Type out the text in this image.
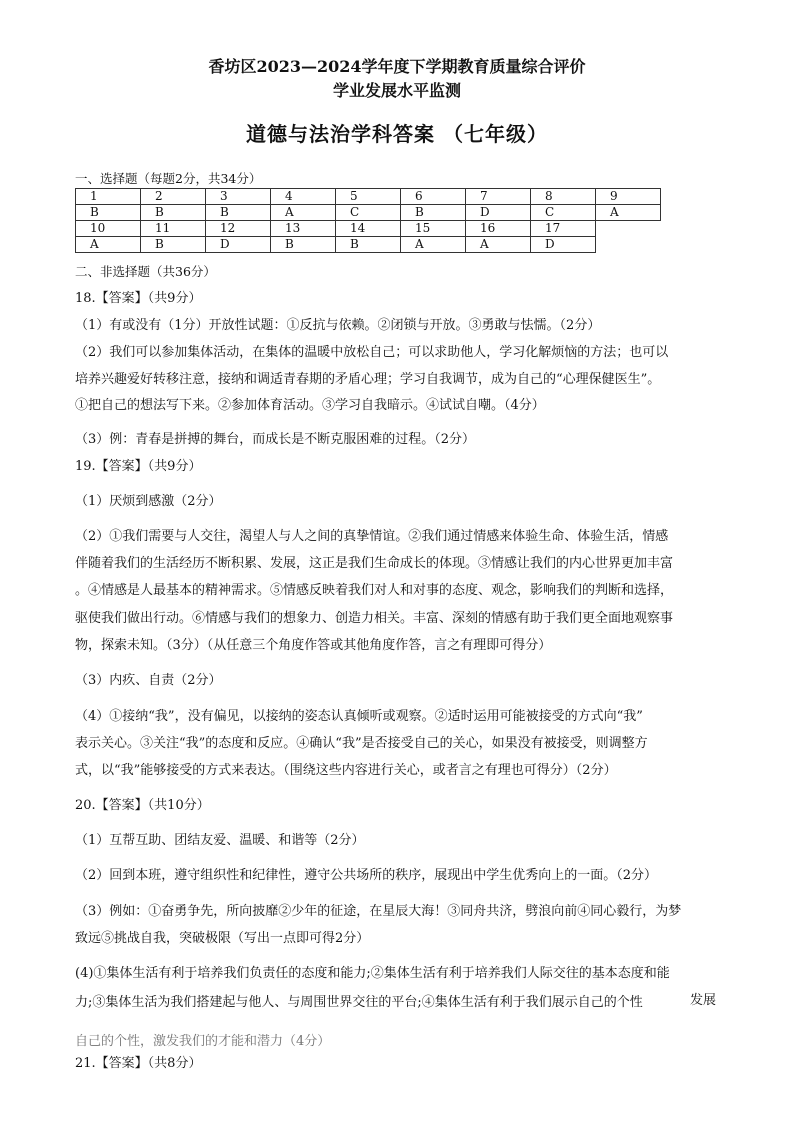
香坊区2023—2024学年度下学期教育质量综合评价
学业发展水平监测
道德与法治学科答案 （七年级）
一、选择题（每题2分，共34分）
1	2	3	4	5	6	7	8	9
B	B	B	A	C	B	D	C	A
10	11	12	13	14	15	16	17	
A	B	D	B	B	A	A	D	
二、非选择题（共36分）
18.【答案】（共9分）
（1）有或没有（1分）开放性试题：①反抗与依赖。②闭锁与开放。③勇敢与怯懦。（2分）
（2）我们可以参加集体活动，在集体的温暖中放松自己；可以求助他人，学习化解烦恼的方法；也可以
培养兴趣爱好转移注意，接纳和调适青春期的矛盾心理；学习自我调节，成为自己的“心理保健医生”。
①把自己的想法写下来。②参加体育活动。③学习自我暗示。④试试自嘲。（4分）
（3）例：青春是拼搏的舞台，而成长是不断克服困难的过程。（2分）
19.【答案】（共9分）
（1）厌烦到感激（2分）
（2）①我们需要与人交往，渴望人与人之间的真挚情谊。②我们通过情感来体验生命、体验生活，情感
伴随着我们的生活经历不断积累、发展，这正是我们生命成长的体现。③情感让我们的内心世界更加丰富
。④情感是人最基本的精神需求。⑤情感反映着我们对人和对事的态度、观念，影响我们的判断和选择，
驱使我们做出行动。⑥情感与我们的想象力、创造力相关。丰富、深刻的情感有助于我们更全面地观察事
物，探索未知。（3分）（从任意三个角度作答或其他角度作答，言之有理即可得分）
（3）内疚、自责（2分）
（4）①接纳“我”，没有偏见，以接纳的姿态认真倾听或观察。②适时运用可能被接受的方式向“我”
表示关心。③关注“我”的态度和反应。④确认“我”是否接受自己的关心，如果没有被接受，则调整方
式，以“我”能够接受的方式来表达。（围绕这些内容进行关心，或者言之有理也可得分）（2分）
20.【答案】（共10分）
（1）互帮互助、团结友爱、温暖、和谐等（2分）
（2）回到本班，遵守组织性和纪律性，遵守公共场所的秩序，展现出中学生优秀向上的一面。（2分）
（3）例如：①奋勇争先，所向披靡②少年的征途，在星辰大海！③同舟共济，劈浪向前④同心毅行，为梦
致远⑤挑战自我，突破极限（写出一点即可得2分）
(4)①集体生活有利于培养我们负责任的态度和能力;②集体生活有利于培养我们人际交往的基本态度和能
力;③集体生活为我们搭建起与他人、与周围世界交往的平台;④集体生活有利于我们展示自己的个性	发展
自己的个性，激发我们的才能和潜力（4分）
21.【答案】（共8分）
